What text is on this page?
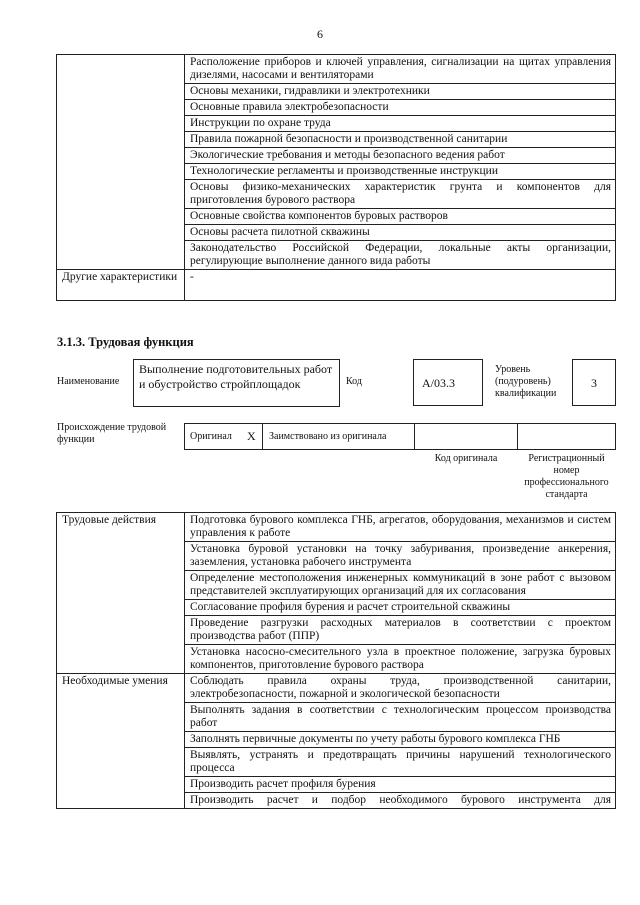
6
	Расположение приборов и ключей управления, сигнализации на щитах управления дизелями, насосами и вентиляторами
	Основы механики, гидравлики и электротехники
	Основные правила электробезопасности
	Инструкции по охране труда
	Правила пожарной безопасности и производственной санитарии
	Экологические требования и методы безопасного ведения работ
	Технологические регламенты и производственные инструкции
	Основы физико-механических характеристик грунта и компонентов для приготовления бурового раствора
	Основные свойства компонентов буровых растворов
	Основы расчета пилотной скважины
	Законодательство Российской Федерации, локальные акты организации, регулирующие выполнение данного вида работы
Другие характеристики	-
3.1.3. Трудовая функция
Наименование
Выполнение подготовительных работ и обустройство стройплощадок	Код	А/03.3
Уровень (подуровень) квалификации
3
Происхождение трудовой функции	Оригинал X Заимствовано из оригинала
Код оригинала	Регистрационный номер профессионального стандарта
Трудовые действия	Подготовка бурового комплекса ГНБ, агрегатов, оборудования, механизмов и систем управления к работе
	Установка буровой установки на точку забуривания, произведение анкерения, заземления, установка рабочего инструмента
	Определение местоположения инженерных коммуникаций в зоне работ с вызовом представителей эксплуатирующих организаций для их согласования
	Согласование профиля бурения и расчет строительной скважины
	Проведение разгрузки расходных материалов в соответствии с проектом производства работ (ППР)
	Установка насосно-смесительного узла в проектное положение, загрузка буровых компонентов, приготовление бурового раствора
Необходимые умения	Соблюдать правила охраны труда, производственной санитарии, электробезопасности, пожарной и экологической безопасности
	Выполнять задания в соответствии с технологическим процессом производства работ
	Заполнять первичные документы по учету работы бурового комплекса ГНБ
	Выявлять, устранять и предотвращать причины нарушений технологического процесса
	Производить расчет профиля бурения
	Производить расчет и подбор необходимого бурового инструмента для
